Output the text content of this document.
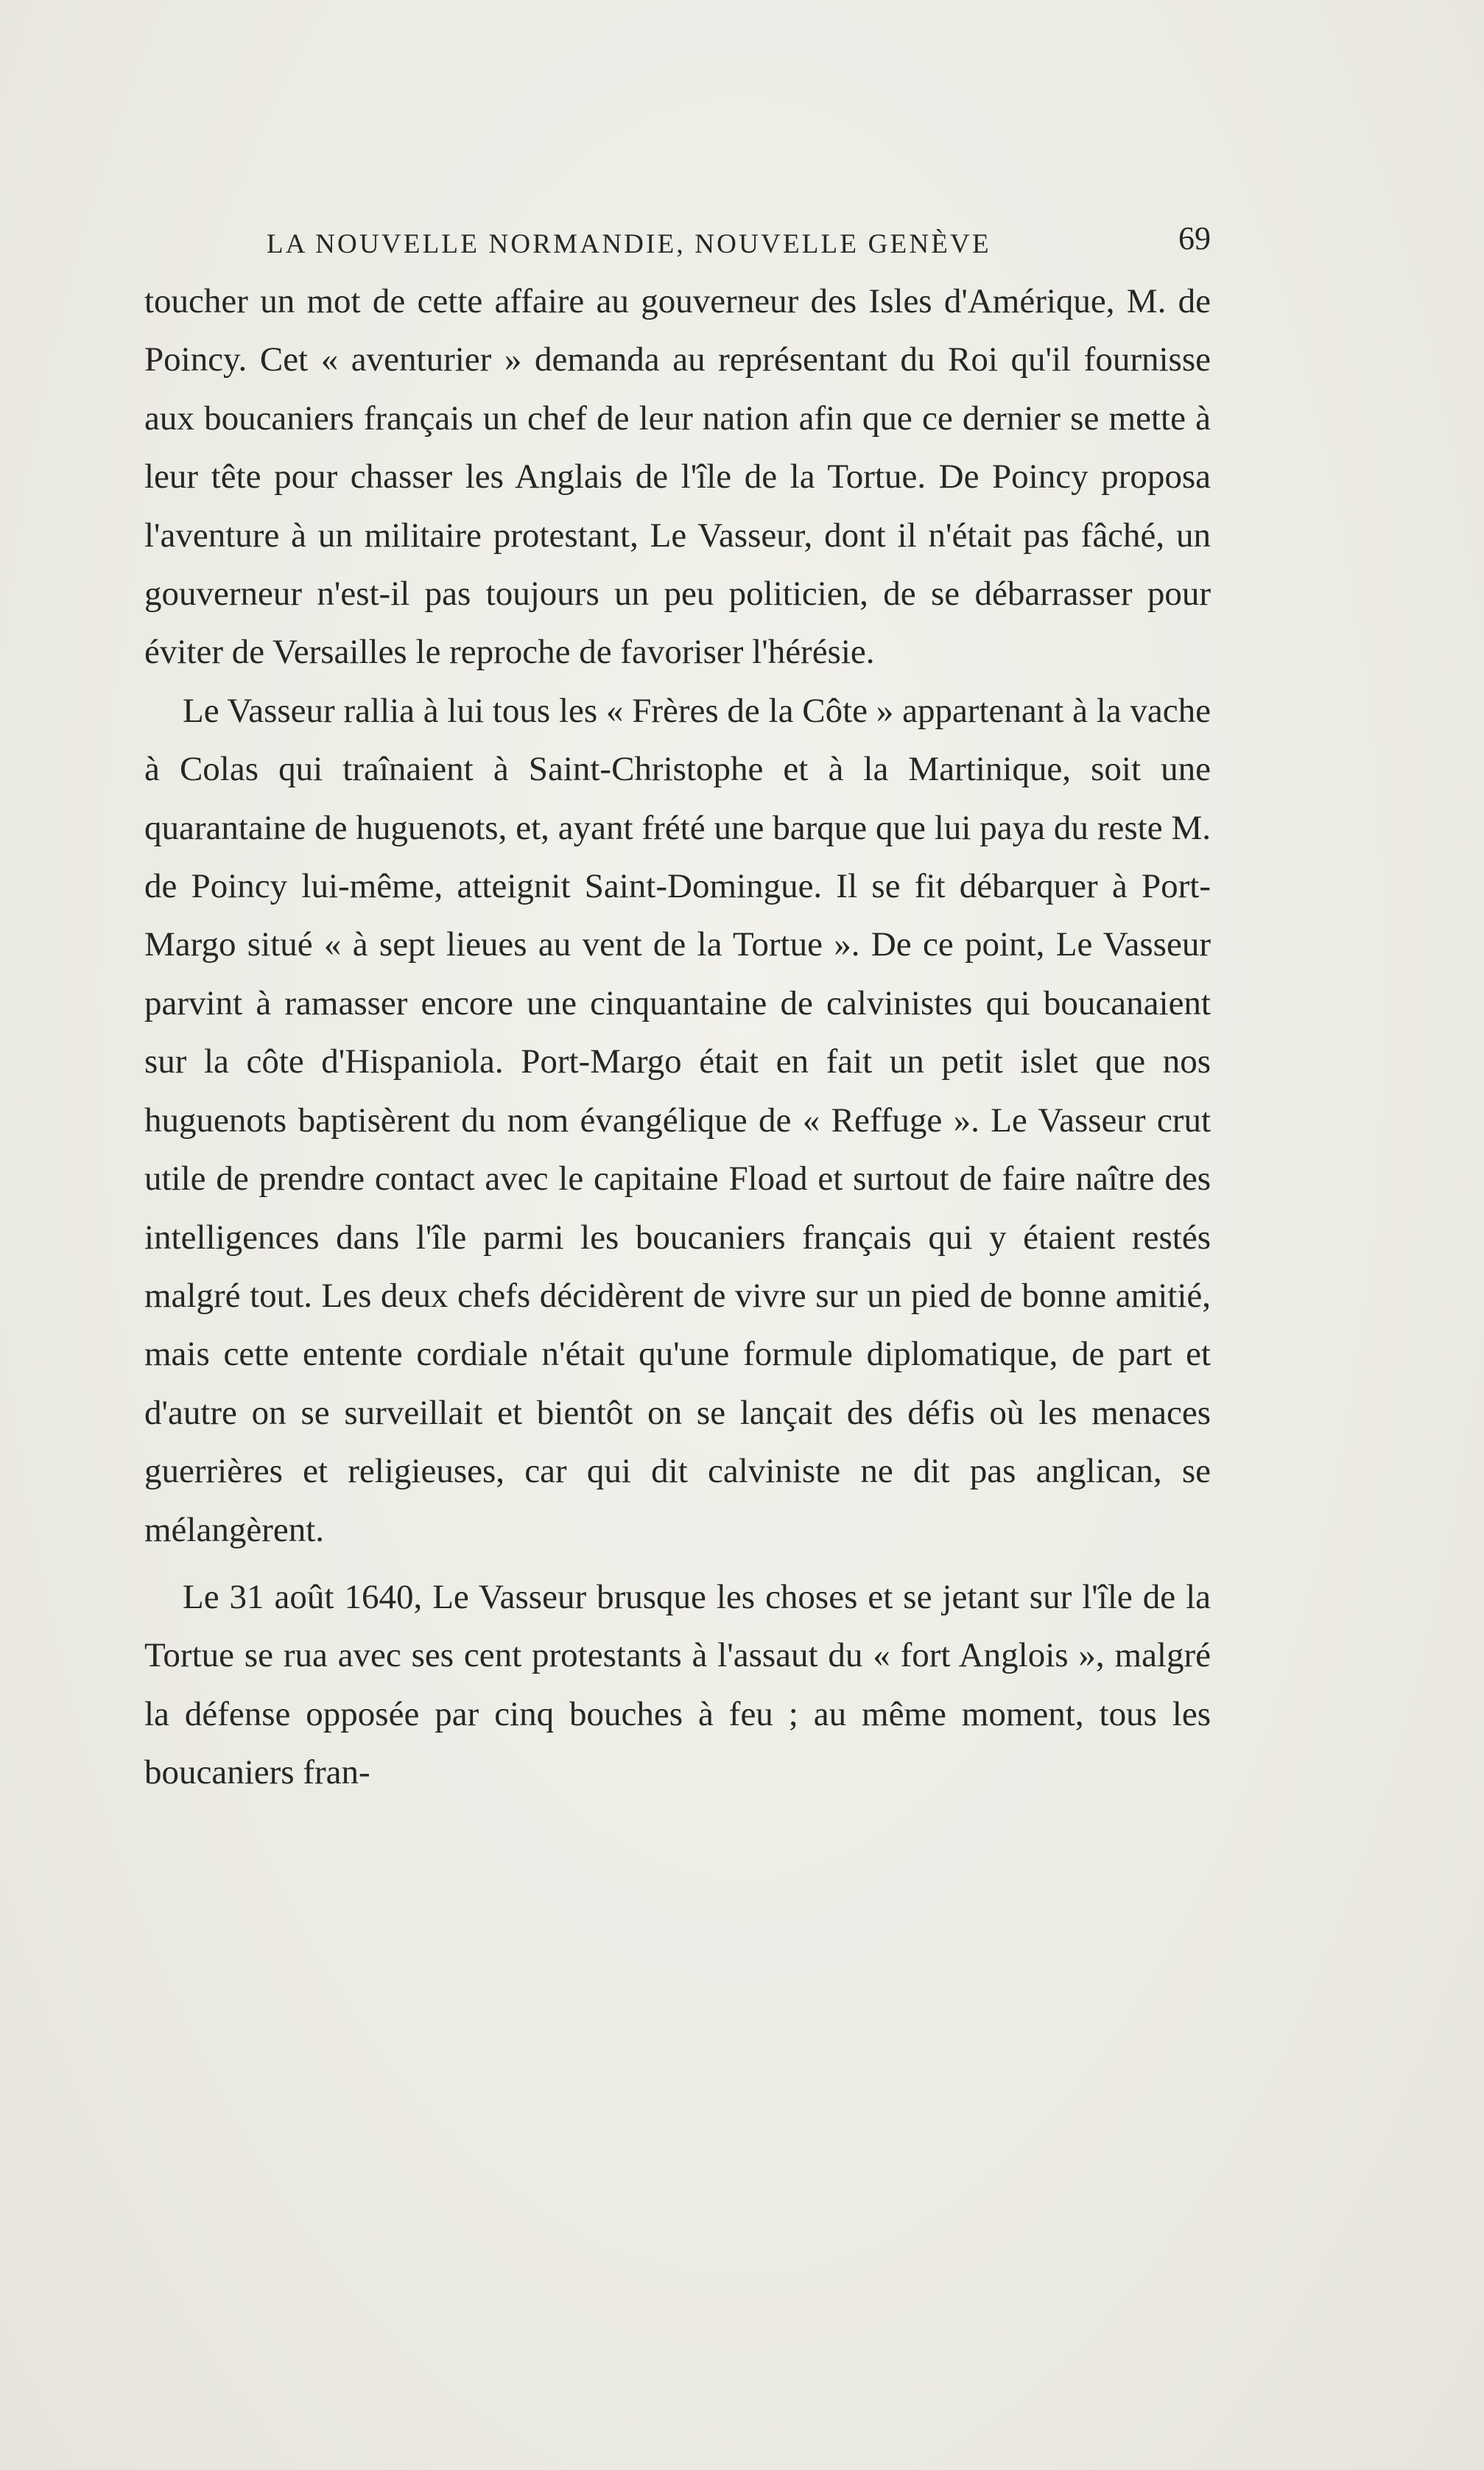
LA NOUVELLE NORMANDIE, NOUVELLE GENÈVE	69

toucher un mot de cette affaire au gouverneur des Isles d'Amérique, M. de Poincy. Cet « aventurier » demanda au représentant du Roi qu'il fournisse aux boucaniers français un chef de leur nation afin que ce dernier se mette à leur tête pour chasser les Anglais de l'île de la Tortue. De Poincy proposa l'aventure à un militaire protestant, Le Vasseur, dont il n'était pas fâché, un gouverneur n'est-il pas toujours un peu politicien, de se débarrasser pour éviter de Versailles le reproche de favoriser l'hérésie.

Le Vasseur rallia à lui tous les « Frères de la Côte » appartenant à la vache à Colas qui traînaient à Saint-Christophe et à la Martinique, soit une quarantaine de huguenots, et, ayant frété une barque que lui paya du reste M. de Poincy lui-même, atteignit Saint-Domingue. Il se fit débarquer à Port-Margo situé « à sept lieues au vent de la Tortue ». De ce point, Le Vasseur parvint à ramasser encore une cinquantaine de calvinistes qui boucanaient sur la côte d'Hispaniola. Port-Margo était en fait un petit islet que nos huguenots baptisèrent du nom évangélique de « Reffuge ». Le Vasseur crut utile de prendre contact avec le capitaine Fload et surtout de faire naître des intelligences dans l'île parmi les boucaniers français qui y étaient restés malgré tout. Les deux chefs décidèrent de vivre sur un pied de bonne amitié, mais cette entente cordiale n'était qu'une formule diplomatique, de part et d'autre on se surveillait et bientôt on se lançait des défis où les menaces guerrières et religieuses, car qui dit calviniste ne dit pas anglican, se mélangèrent.

Le 31 août 1640, Le Vasseur brusque les choses et se jetant sur l'île de la Tortue se rua avec ses cent protestants à l'assaut du « fort Anglois », malgré la défense opposée par cinq bouches à feu ; au même moment, tous les boucaniers fran-
